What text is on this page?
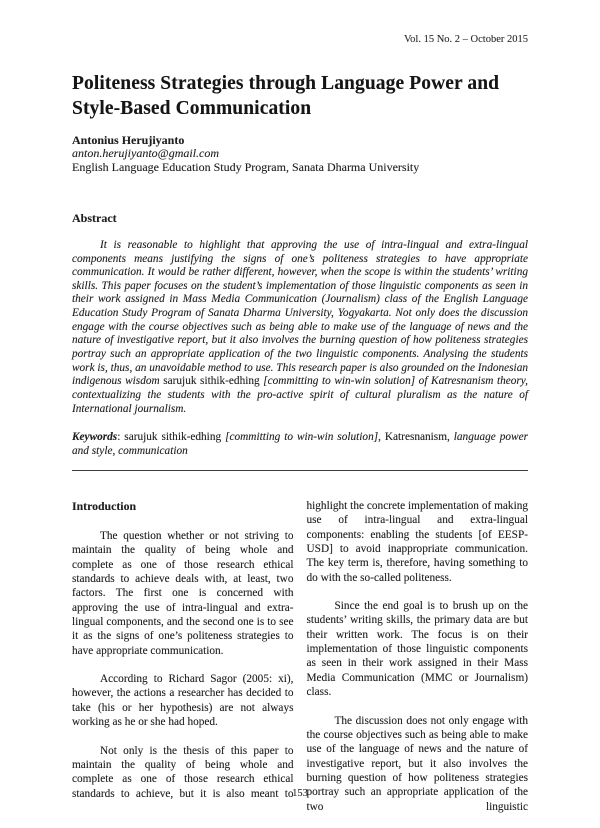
Vol. 15 No. 2 – October 2015
Politeness Strategies through Language Power and Style-Based Communication
Antonius Herujiyanto
anton.herujiyanto@gmail.com
English Language Education Study Program, Sanata Dharma University
Abstract

It is reasonable to highlight that approving the use of intra-lingual and extra-lingual components means justifying the signs of one’s politeness strategies to have appropriate communication. It would be rather different, however, when the scope is within the students’ writing skills. This paper focuses on the student’s implementation of those linguistic components as seen in their work assigned in Mass Media Communication (Journalism) class of the English Language Education Study Program of Sanata Dharma University, Yogyakarta. Not only does the discussion engage with the course objectives such as being able to make use of the language of news and the nature of investigative report, but it also involves the burning question of how politeness strategies portray such an appropriate application of the two linguistic components. Analysing the students work is, thus, an unavoidable method to use. This research paper is also grounded on the Indonesian indigenous wisdom sarujuk sithik-edhing [committing to win-win solution] of Katresnanism theory, contextualizing the students with the pro-active spirit of cultural pluralism as the nature of International journalism.

Keywords: sarujuk sithik-edhing [committing to win-win solution], Katresnanism, language power and style, communication

Introduction

The question whether or not striving to maintain the quality of being whole and complete as one of those research ethical standards to achieve deals with, at least, two factors. The first one is concerned with approving the use of intra-lingual and extra-lingual components, and the second one is to see it as the signs of one’s politeness strategies to have appropriate communication.

According to Richard Sagor (2005: xi), however, the actions a researcher has decided to take (his or her hypothesis) are not always working as he or she had hoped.

Not only is the thesis of this paper to maintain the quality of being whole and complete as one of those research ethical standards to achieve, but it is also meant to

highlight the concrete implementation of making use of intra-lingual and extra-lingual components: enabling the students [of EESP-USD] to avoid inappropriate communication. The key term is, therefore, having something to do with the so-called politeness.

Since the end goal is to brush up on the students’ writing skills, the primary data are but their written work. The focus is on their implementation of those linguistic components as seen in their work assigned in their Mass Media Communication (MMC or Journalism) class.

The discussion does not only engage with the course objectives such as being able to make use of the language of news and the nature of investigative report, but it also involves the burning question of how politeness strategies portray such an appropriate application of the two linguistic

153
